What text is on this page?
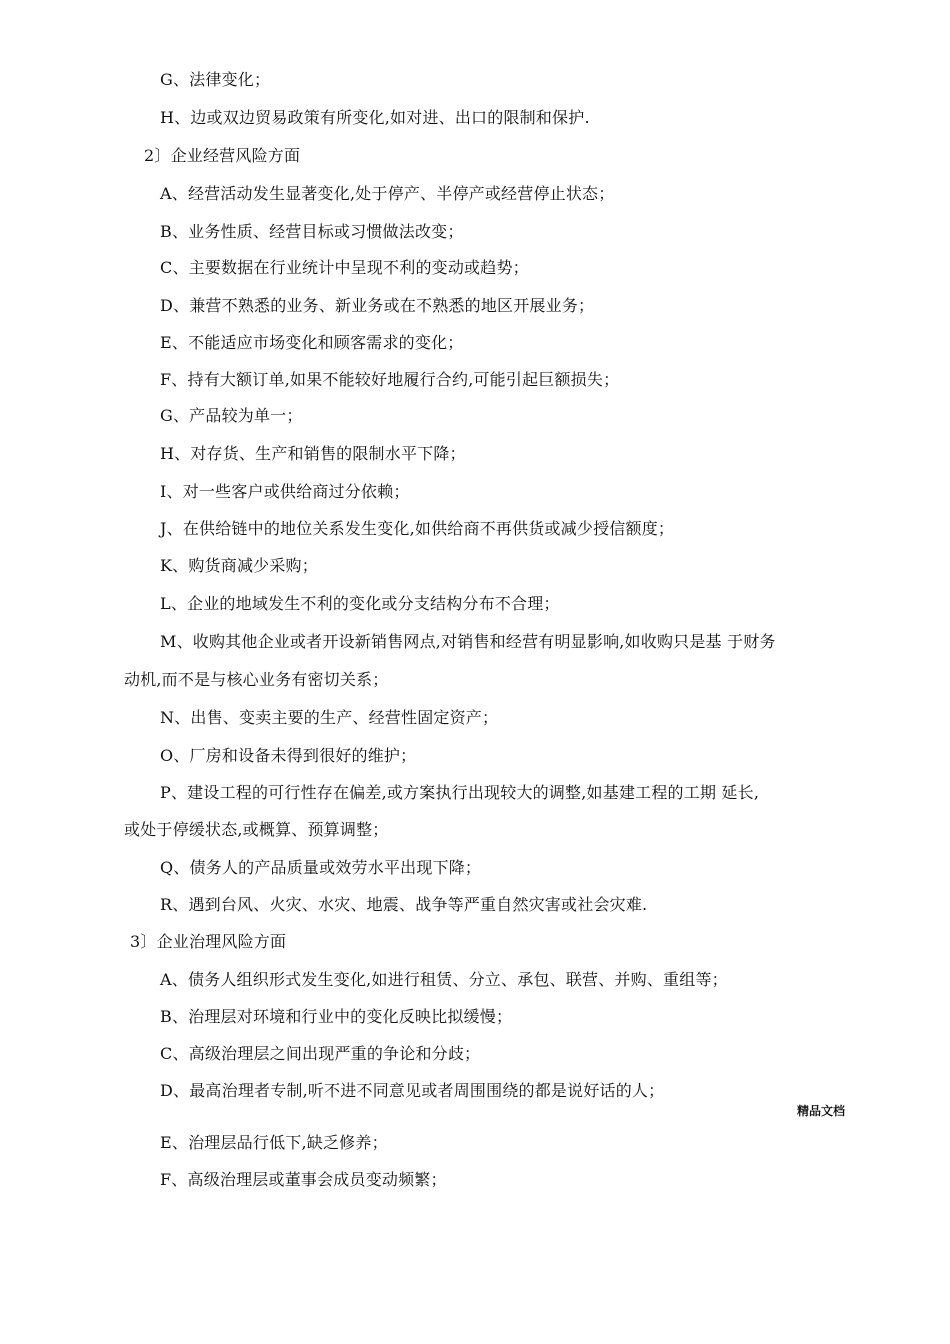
G、法律变化；
H、边或双边贸易政策有所变化,如对进、出口的限制和保护.
2〕企业经营风险方面
A、经营活动发生显著变化,处于停产、半停产或经营停止状态；
B、业务性质、经营目标或习惯做法改变；
C、主要数据在行业统计中呈现不利的变动或趋势；
D、兼营不熟悉的业务、新业务或在不熟悉的地区开展业务；
E、不能适应市场变化和顾客需求的变化；
F、持有大额订单,如果不能较好地履行合约,可能引起巨额损失；
G、产品较为单一；
H、对存货、生产和销售的限制水平下降；
I、对一些客户或供给商过分依赖；
J、在供给链中的地位关系发生变化,如供给商不再供货或减少授信额度；
K、购货商减少采购；
L、企业的地域发生不利的变化或分支结构分布不合理；
M、收购其他企业或者开设新销售网点,对销售和经营有明显影响,如收购只是基 于财务
动机,而不是与核心业务有密切关系；
N、出售、变卖主要的生产、经营性固定资产；
O、厂房和设备未得到很好的维护；
P、建设工程的可行性存在偏差,或方案执行出现较大的调整,如基建工程的工期 延长,
或处于停缓状态,或概算、预算调整；
Q、债务人的产品质量或效劳水平出现下降；
R、遇到台风、火灾、水灾、地震、战争等严重自然灾害或社会灾难.
3〕企业治理风险方面
A、债务人组织形式发生变化,如进行租赁、分立、承包、联营、并购、重组等；
B、治理层对环境和行业中的变化反映比拟缓慢；
C、高级治理层之间出现严重的争论和分歧；
D、最高治理者专制,听不进不同意见或者周围围绕的都是说好话的人；
精品文档
E、治理层品行低下,缺乏修养；
F、高级治理层或董事会成员变动频繁；
